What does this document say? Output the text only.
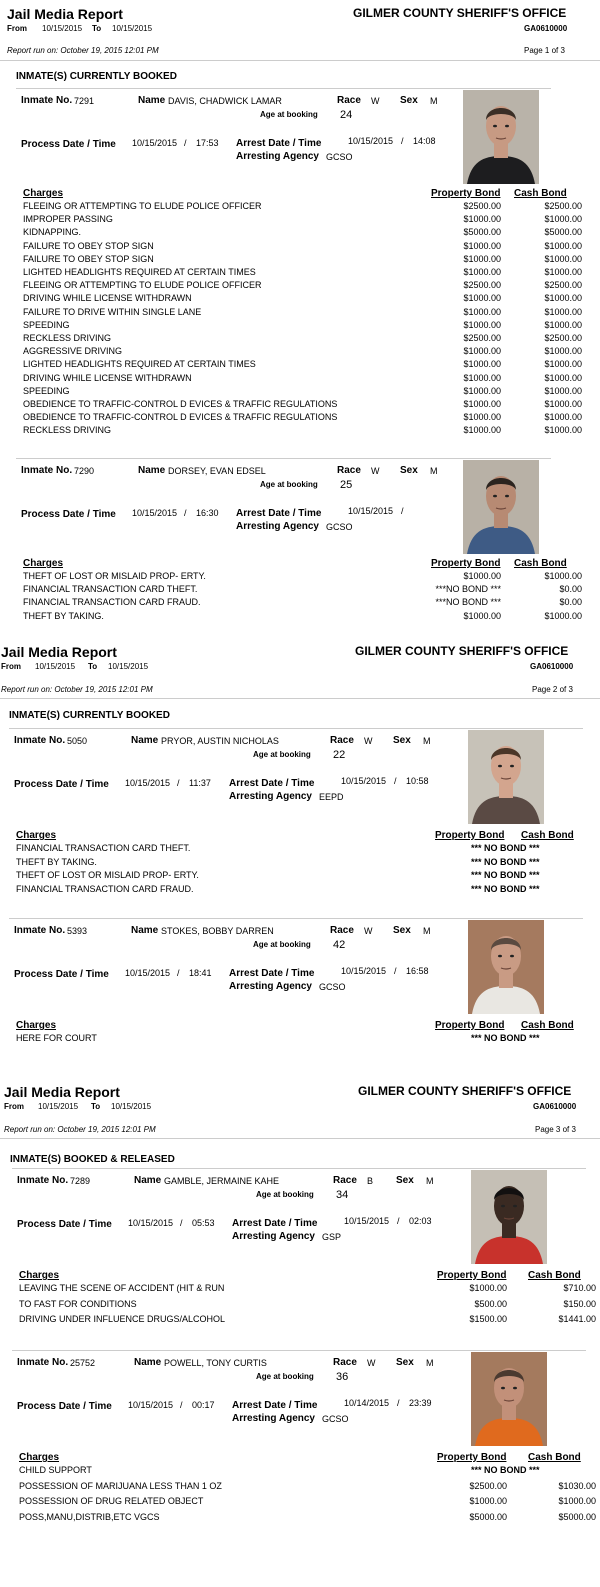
Jail Media Report	GILMER COUNTY SHERIFF'S OFFICE
GA0610000
From 10/15/2015 To 10/15/2015
Report run on: October 19, 2015 12:01 PM	Page 1 of 3
INMATE(S) CURRENTLY BOOKED
Inmate No. 7291	Name DAVIS, CHADWICK LAMAR	Race W Sex M
Age at booking 24
Process Date / Time 10/15/2015 / 17:53 Arrest Date / Time	10/15/2015 / 14:08
Arresting Agency GCSO
Charges	Property Bond Cash Bond
FLEEING OR ATTEMPTING TO ELUDE POLICE OFFICER	$2500.00	$2500.00
IMPROPER PASSING	$1000.00	$1000.00
KIDNAPPING.	$5000.00	$5000.00
FAILURE TO OBEY STOP SIGN	$1000.00	$1000.00
FAILURE TO OBEY STOP SIGN	$1000.00	$1000.00
LIGHTED HEADLIGHTS REQUIRED AT CERTAIN TIMES	$1000.00	$1000.00
FLEEING OR ATTEMPTING TO ELUDE POLICE OFFICER	$2500.00	$2500.00
DRIVING WHILE LICENSE WITHDRAWN	$1000.00	$1000.00
FAILURE TO DRIVE WITHIN SINGLE LANE	$1000.00	$1000.00
SPEEDING	$1000.00	$1000.00
RECKLESS DRIVING	$2500.00	$2500.00
AGGRESSIVE DRIVING	$1000.00	$1000.00
LIGHTED HEADLIGHTS REQUIRED AT CERTAIN TIMES	$1000.00	$1000.00
DRIVING WHILE LICENSE WITHDRAWN	$1000.00	$1000.00
SPEEDING	$1000.00	$1000.00
OBEDIENCE TO TRAFFIC-CONTROL D EVICES & TRAFFIC REGULATIONS	$1000.00	$1000.00
OBEDIENCE TO TRAFFIC-CONTROL D EVICES & TRAFFIC REGULATIONS	$1000.00	$1000.00
RECKLESS DRIVING	$1000.00	$1000.00
Inmate No. 7290	Name DORSEY, EVAN EDSEL	Race W Sex M
Age at booking 25
Process Date / Time 10/15/2015 / 16:30 Arrest Date / Time	10/15/2015 /
Arresting Agency GCSO
Charges	Property Bond Cash Bond
THEFT OF LOST OR MISLAID PROP- ERTY.	$1000.00	$1000.00
FINANCIAL TRANSACTION CARD THEFT.	***NO BOND ***	$0.00
FINANCIAL TRANSACTION CARD FRAUD.	***NO BOND ***	$0.00
THEFT BY TAKING.	$1000.00	$1000.00
Jail Media Report	GILMER COUNTY SHERIFF'S OFFICE
GA0610000
From 10/15/2015 To 10/15/2015
Report run on: October 19, 2015 12:01 PM	Page 2 of 3
INMATE(S) CURRENTLY BOOKED
Inmate No. 5050	Name PRYOR, AUSTIN NICHOLAS	Race W Sex M
Age at booking 22
Process Date / Time 10/15/2015 / 11:37 Arrest Date / Time	10/15/2015 / 10:58
Arresting Agency EEPD
Charges	Property Bond Cash Bond
FINANCIAL TRANSACTION CARD THEFT.	*** NO BOND ***
THEFT BY TAKING.	*** NO BOND ***
THEFT OF LOST OR MISLAID PROP- ERTY.	*** NO BOND ***
FINANCIAL TRANSACTION CARD FRAUD.	*** NO BOND ***
Inmate No. 5393	Name STOKES, BOBBY DARREN	Race W Sex M
Age at booking 42
Process Date / Time 10/15/2015 / 18:41 Arrest Date / Time	10/15/2015 / 16:58
Arresting Agency GCSO
Charges	Property Bond Cash Bond
HERE FOR COURT	*** NO BOND ***
Jail Media Report	GILMER COUNTY SHERIFF'S OFFICE
GA0610000
From 10/15/2015 To 10/15/2015
Report run on: October 19, 2015 12:01 PM	Page 3 of 3
INMATE(S) BOOKED & RELEASED
Inmate No. 7289	Name GAMBLE, JERMAINE KAHE	Race B Sex M
Age at booking 34
Process Date / Time 10/15/2015 / 05:53 Arrest Date / Time	10/15/2015 / 02:03
Arresting Agency GSP
Charges	Property Bond Cash Bond
LEAVING THE SCENE OF ACCIDENT (HIT & RUN	$1000.00	$710.00
TO FAST FOR CONDITIONS	$500.00	$150.00
DRIVING UNDER INFLUENCE DRUGS/ALCOHOL	$1500.00	$1441.00
Inmate No. 25752	Name POWELL, TONY CURTIS	Race W Sex M
Age at booking 36
Process Date / Time 10/15/2015 / 00:17 Arrest Date / Time	10/14/2015 / 23:39
Arresting Agency GCSO
Charges	Property Bond Cash Bond
CHILD SUPPORT	*** NO BOND ***
POSSESSION OF MARIJUANA LESS THAN 1 OZ	$2500.00	$1030.00
POSSESSION OF DRUG RELATED OBJECT	$1000.00	$1000.00
POSS,MANU,DISTRIB,ETC VGCS	$5000.00	$5000.00
